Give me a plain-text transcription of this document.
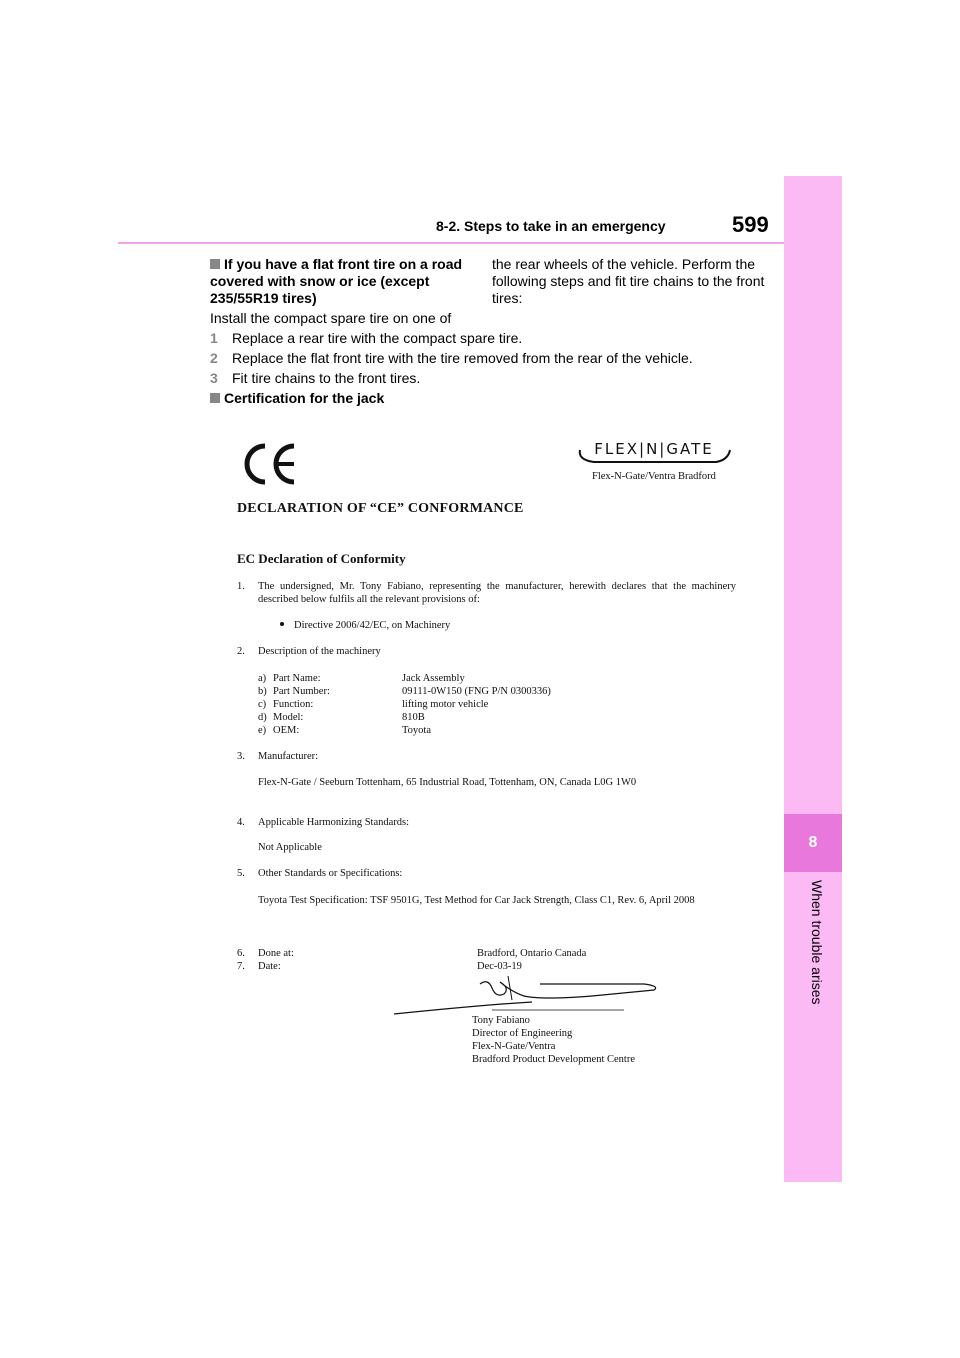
8-2. Steps to take in an emergency	599
8
When trouble arises
If you have a flat front tire on a road covered with snow or ice (except 235/55R19 tires)
the rear wheels of the vehicle. Perform the following steps and fit tire chains to the front tires:
Install the compact spare tire on one of
1 Replace a rear tire with the compact spare tire.
2 Replace the flat front tire with the tire removed from the rear of the vehicle.
3 Fit tire chains to the front tires.
Certification for the jack
FLEX|N|GATE
Flex-N-Gate/Ventra Bradford
DECLARATION OF “CE” CONFORMANCE
EC Declaration of Conformity
1. The undersigned, Mr. Tony Fabiano, representing the manufacturer, herewith declares that the machinery described below fulfils all the relevant provisions of:
Directive 2006/42/EC, on Machinery
2. Description of the machinery
a) Part Name:	Jack Assembly
b) Part Number:	09111-0W150 (FNG P/N 0300336)
c) Function:	lifting motor vehicle
d) Model:	810B
e) OEM:	Toyota
3. Manufacturer:
Flex-N-Gate / Seeburn Tottenham, 65 Industrial Road, Tottenham, ON, Canada L0G 1W0
4. Applicable Harmonizing Standards:
Not Applicable
5. Other Standards or Specifications:
Toyota Test Specification: TSF 9501G, Test Method for Car Jack Strength, Class C1, Rev. 6, April 2008
6. Done at:	Bradford, Ontario Canada
7. Date:	Dec-03-19
Tony Fabiano
Director of Engineering
Flex-N-Gate/Ventra
Bradford Product Development Centre
